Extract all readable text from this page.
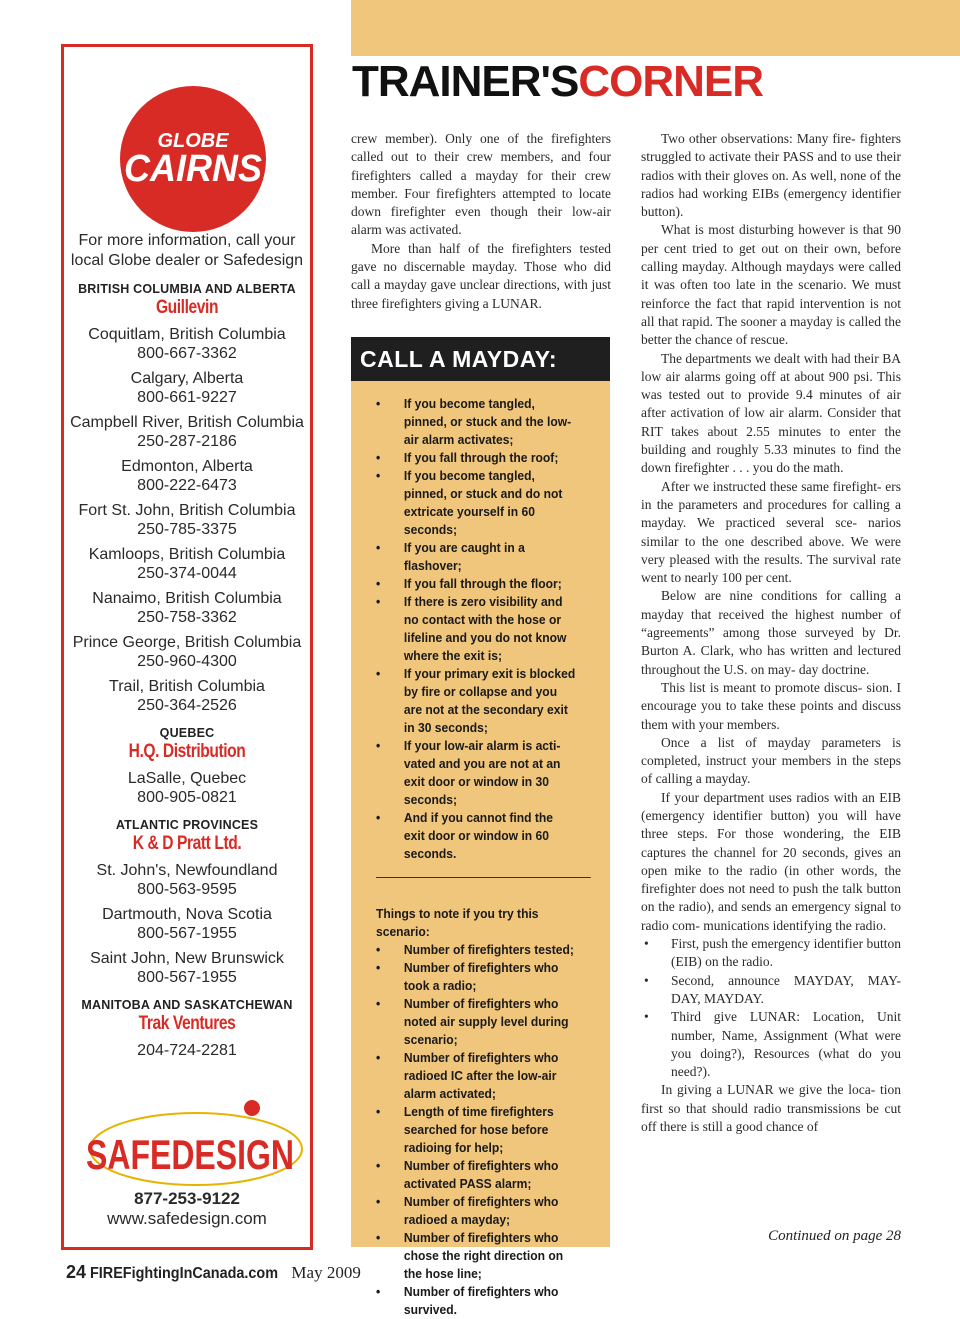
TRAINER'SCORNER
GLOBE
CAIRNS
For more information, call your
local Globe dealer or Safedesign
BRITISH COLUMBIA AND ALBERTA
Guillevin
Coquitlam, British Columbia
800-667-3362
Calgary, Alberta
800-661-9227
Campbell River, British Columbia
250-287-2186
Edmonton, Alberta
800-222-6473
Fort St. John, British Columbia
250-785-3375
Kamloops, British Columbia
250-374-0044
Nanaimo, British Columbia
250-758-3362
Prince George, British Columbia
250-960-4300
Trail, British Columbia
250-364-2526
QUEBEC
H.Q. Distribution
LaSalle, Quebec
800-905-0821
ATLANTIC PROVINCES
K & D Pratt Ltd.
St. John's, Newfoundland
800-563-9595
Dartmouth, Nova Scotia
800-567-1955
Saint John, New Brunswick
800-567-1955
MANITOBA AND SASKATCHEWAN
Trak Ventures
204-724-2281
SAFEDESIGN
877-253-9122
www.safedesign.com

crew member). Only one of the firefighters called out to their crew members, and four firefighters called a mayday for their crew member. Four firefighters attempted to locate down firefighter even though their low-air alarm was activated.

More than half of the firefighters tested gave no discernable mayday. Those who did call a mayday gave unclear directions, with just three firefighters giving a LUNAR.

CALL A MAYDAY:
• If you become tangled, pinned, or stuck and the low-air alarm activates;
• If you fall through the roof;
• If you become tangled, pinned, or stuck and do not extricate yourself in 60 seconds;
• If you are caught in a flashover;
• If you fall through the floor;
• If there is zero visibility and no contact with the hose or lifeline and you do not know where the exit is;
• If your primary exit is blocked by fire or collapse and you are not at the secondary exit in 30 seconds;
• If your low-air alarm is acti- vated and you are not at an exit door or window in 30 seconds;
• And if you cannot find the exit door or window in 60 seconds.

Things to note if you try this scenario:

• Number of firefighters tested;
• Number of firefighters who took a radio;
• Number of firefighters who noted air supply level during scenario;
• Number of firefighters who radioed IC after the low-air alarm activated;
• Length of time firefighters searched for hose before radioing for help;
• Number of firefighters who activated PASS alarm;
• Number of firefighters who radioed a mayday;
• Number of firefighters who chose the right direction on the hose line;
• Number of firefighters who survived.

Two other observations: Many fire- fighters struggled to activate their PASS and to use their radios with their gloves on. As well, none of the radios had working EIBs (emergency identifier button).

What is most disturbing however is that 90 per cent tried to get out on their own, before calling mayday. Although maydays were called it was often too late in the scenario. We must reinforce the fact that rapid intervention is not all that rapid. The sooner a mayday is called the better the chance of rescue.

The departments we dealt with had their BA low air alarms going off at about 900 psi. This was tested out to provide 9.4 minutes of air after activation of low air alarm. Consider that RIT takes about 2.55 minutes to enter the building and roughly 5.33 minutes to find the down firefighter . . . you do the math.

After we instructed these same firefight- ers in the parameters and procedures for calling a mayday. We practiced several sce- narios similar to the one described above. We were very pleased with the results. The survival rate went to nearly 100 per cent.

Below are nine conditions for calling a mayday that received the highest number of “agreements” among those surveyed by Dr. Burton A. Clark, who has written and lectured throughout the U.S. on may- day doctrine.

This list is meant to promote discus- sion. I encourage you to take these points and discuss them with your members.

Once a list of mayday parameters is completed, instruct your members in the steps of calling a mayday.

If your department uses radios with an EIB (emergency identifier button) you will have three steps. For those wondering, the EIB captures the channel for 20 seconds, gives an open mike to the radio (in other words, the firefighter does not need to push the talk button on the radio), and sends an emergency signal to radio com- munications identifying the radio.

• First, push the emergency identifier button (EIB) on the radio.
• Second, announce MAYDAY, MAY- DAY, MAYDAY.
• Third give LUNAR: Location, Unit number, Name, Assignment (What were you doing?), Resources (what do you need?).

In giving a LUNAR we give the loca- tion first so that should radio transmissions be cut off there is still a good chance of

Continued on page 28
24 FIREFightingInCanada.com May 2009
